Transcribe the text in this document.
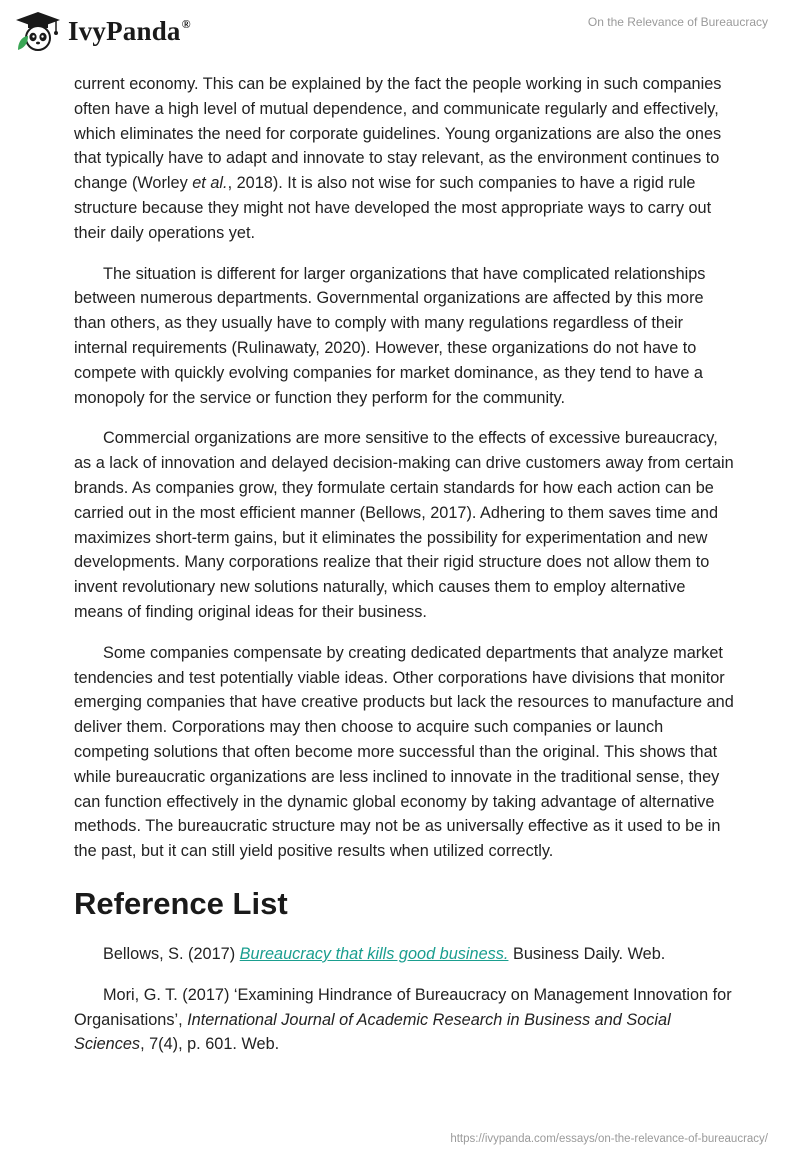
IvyPanda®	On the Relevance of Bureaucracy

current economy. This can be explained by the fact the people working in such companies often have a high level of mutual dependence, and communicate regularly and effectively, which eliminates the need for corporate guidelines. Young organizations are also the ones that typically have to adapt and innovate to stay relevant, as the environment continues to change (Worley et al., 2018). It is also not wise for such companies to have a rigid rule structure because they might not have developed the most appropriate ways to carry out their daily operations yet.

The situation is different for larger organizations that have complicated relationships between numerous departments. Governmental organizations are affected by this more than others, as they usually have to comply with many regulations regardless of their internal requirements (Rulinawaty, 2020). However, these organizations do not have to compete with quickly evolving companies for market dominance, as they tend to have a monopoly for the service or function they perform for the community.

Commercial organizations are more sensitive to the effects of excessive bureaucracy, as a lack of innovation and delayed decision-making can drive customers away from certain brands. As companies grow, they formulate certain standards for how each action can be carried out in the most efficient manner (Bellows, 2017). Adhering to them saves time and maximizes short-term gains, but it eliminates the possibility for experimentation and new developments. Many corporations realize that their rigid structure does not allow them to invent revolutionary new solutions naturally, which causes them to employ alternative means of finding original ideas for their business.

Some companies compensate by creating dedicated departments that analyze market tendencies and test potentially viable ideas. Other corporations have divisions that monitor emerging companies that have creative products but lack the resources to manufacture and deliver them. Corporations may then choose to acquire such companies or launch competing solutions that often become more successful than the original. This shows that while bureaucratic organizations are less inclined to innovate in the traditional sense, they can function effectively in the dynamic global economy by taking advantage of alternative methods. The bureaucratic structure may not be as universally effective as it used to be in the past, but it can still yield positive results when utilized correctly.

Reference List

Bellows, S. (2017) Bureaucracy that kills good business. Business Daily. Web.

Mori, G. T. (2017) ‘Examining Hindrance of Bureaucracy on Management Innovation for Organisations’, International Journal of Academic Research in Business and Social Sciences, 7(4), p. 601. Web.

https://ivypanda.com/essays/on-the-relevance-of-bureaucracy/
